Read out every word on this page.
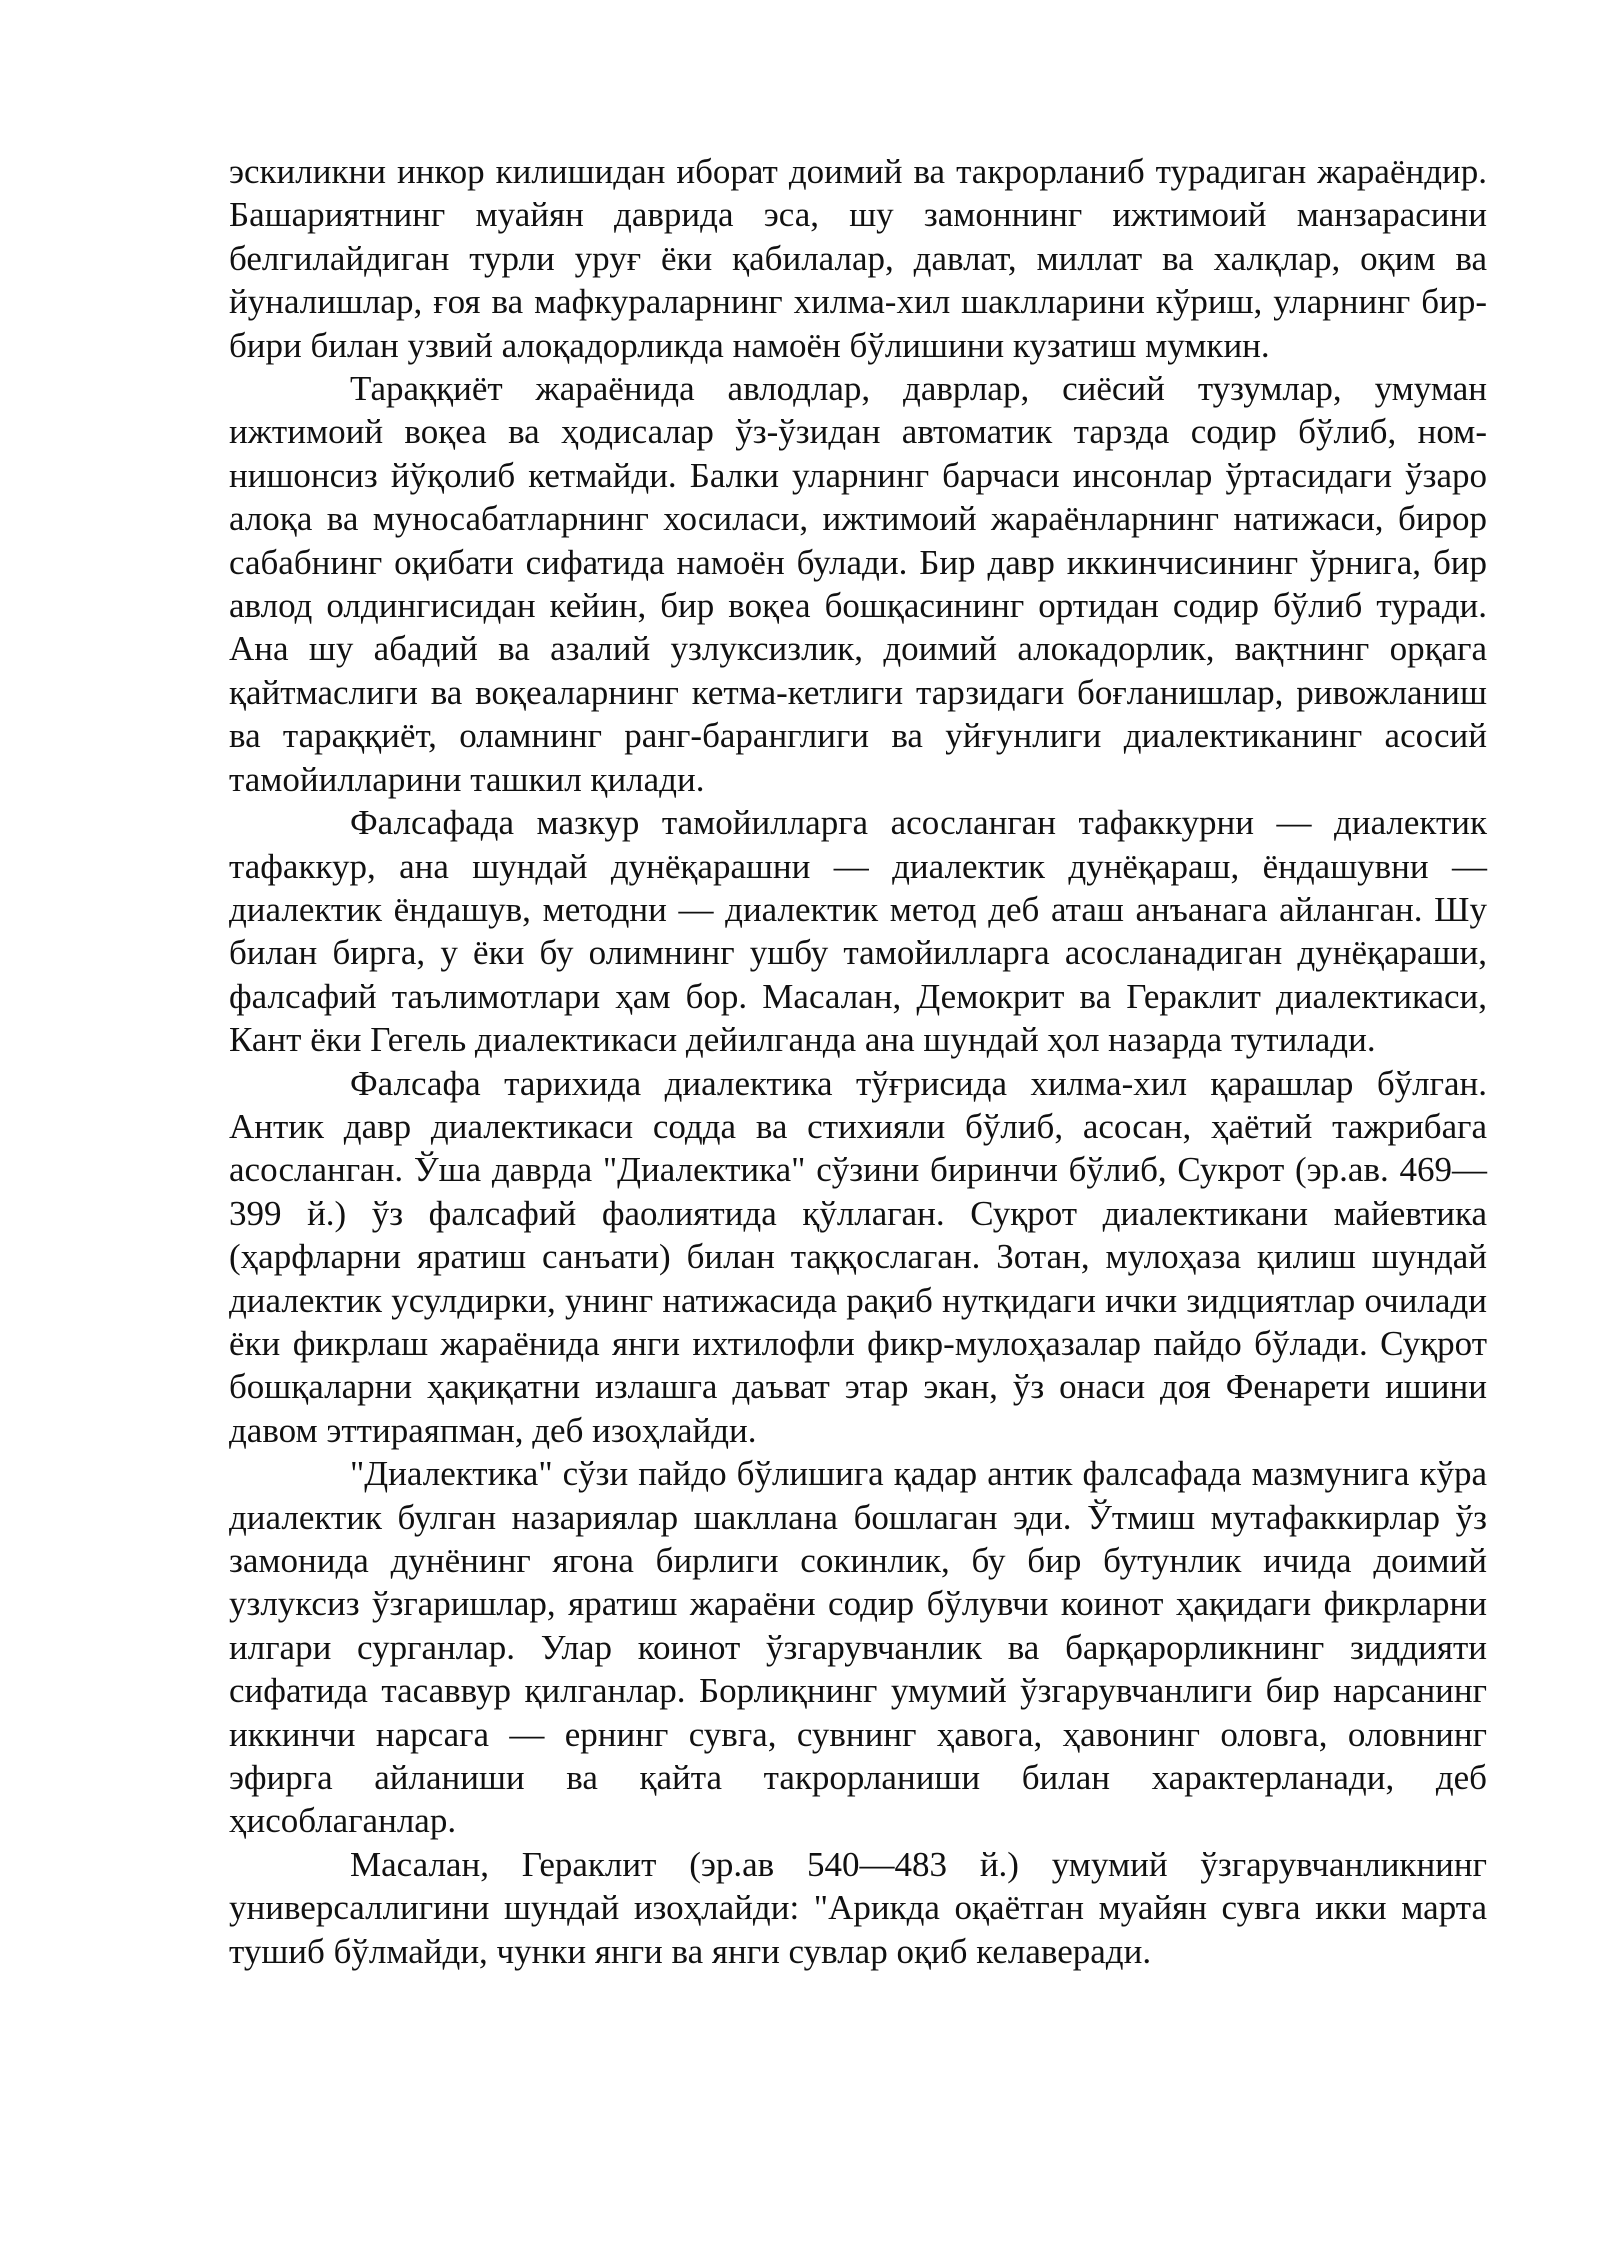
эскиликни инкор килишидан иборат доимий ва такрорланиб турадиган жараёндир. Башариятнинг муайян даврида эса, шу замоннинг ижтимоий манзарасини белгилайдиган турли уруғ ёки қабилалар, давлат, миллат ва халқлар, оқим ва йуналишлар, ғоя ва мафкураларнинг хилма-хил шаклларини кўриш, уларнинг бир-бири билан узвий алоқадорликда намоён бўлишини кузатиш мумкин.

Тараққиёт жараёнида авлодлар, даврлар, сиёсий тузумлар, умуман ижтимоий воқеа ва ҳодисалар ўз-ўзидан автоматик тарзда содир бўлиб, ном-нишонсиз йўқолиб кетмайди. Балки уларнинг барчаси инсонлар ўртасидаги ўзаро алоқа ва муносабатларнинг хосиласи, ижтимоий жараёнларнинг натижаси, бирор сабабнинг оқибати сифатида намоён булади. Бир давр иккинчисининг ўрнига, бир авлод олдингисидан кейин, бир воқеа бошқасининг ортидан содир бўлиб туради. Ана шу абадий ва азалий узлуксизлик, доимий алокадорлик, вақтнинг орқага қайтмаслиги ва воқеаларнинг кетма-кетлиги тарзидаги боғланишлар, ривожланиш ва тараққиёт, оламнинг ранг-баранглиги ва уйғунлиги диалектиканинг асосий тамойилларини ташкил қилади.

Фалсафада мазкур тамойилларга асосланган тафаккурни — диалектик тафаккур, ана шундай дунёқарашни — диалектик дунёқараш, ёндашувни — диалектик ёндашув, методни — диалектик метод деб аташ анъанага айланган. Шу билан бирга, у ёки бу олимнинг ушбу тамойилларга асосланадиган дунёқараши, фалсафий таълимотлари ҳам бор. Масалан, Демокрит ва Гераклит диалектикаси, Кант ёки Гегель диалектикаси дейилганда ана шундай ҳол назарда тутилади.

Фалсафа тарихида диалектика тўғрисида хилма-хил қарашлар бўлган. Антик давр диалектикаси содда ва стихияли бўлиб, асосан, ҳаётий тажрибага асосланган. Ўша даврда "Диалектика" сўзини биринчи бўлиб, Сукрот (эр.ав. 469—399 й.) ўз фалсафий фаолиятида қўллаган. Суқрот диалектикани майевтика (ҳарфларни яратиш санъати) билан таққослаган. Зотан, мулоҳаза қилиш шундай диалектик усулдирки, унинг натижасида рақиб нутқидаги ички зидциятлар очилади ёки фикрлаш жараёнида янги ихтилофли фикр-мулоҳазалар пайдо бўлади. Суқрот бошқаларни ҳақиқатни излашга даъват этар экан, ўз онаси доя Фенарети ишини давом эттираяпман, деб изоҳлайди.

"Диалектика" сўзи пайдо бўлишига қадар антик фалсафада мазмунига кўра диалектик булган назариялар шакллана бошлаган эди. Ўтмиш мутафаккирлар ўз замонида дунёнинг ягона бирлиги сокинлик, бу бир бутунлик ичида доимий узлуксиз ўзгаришлар, яратиш жараёни содир бўлувчи коинот ҳақидаги фикрларни илгари сурганлар. Улар коинот ўзгарувчанлик ва барқарорликнинг зиддияти сифатида тасаввур қилганлар. Борлиқнинг умумий ўзгарувчанлиги бир нарсанинг иккинчи нарсага — ернинг сувга, сувнинг ҳавога, ҳавонинг оловга, оловнинг эфирга айланиши ва қайта такрорланиши билан характерланади, деб ҳисоблаганлар.

Масалан, Гераклит (эр.ав 540—483 й.) умумий ўзгарувчанликнинг универсаллигини шундай изоҳлайди: "Арикда оқаётган муайян сувга икки марта тушиб бўлмайди, чунки янги ва янги сувлар оқиб келаверади.
